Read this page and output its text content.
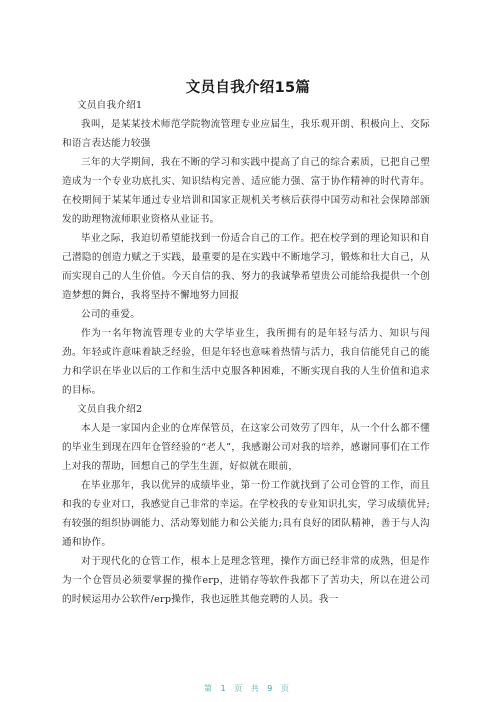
文员自我介绍15篇

文员自我介绍1

我叫，是某某技术师范学院物流管理专业应届生，我乐观开朗、积极向上、交际和语言表达能力较强

三年的大学期间，我在不断的学习和实践中提高了自己的综合素质，已把自己塑造成为一个专业功底扎实、知识结构完善、适应能力强、富于协作精神的时代青年。在校期间于某某年通过专业培训和国家正规机关考核后获得中国劳动和社会保障部颁发的助理物流师职业资格从业证书。

毕业之际，我迫切希望能找到一份适合自己的工作。把在校学到的理论知识和自己潜隐的创造力赋之于实践，最重要的是在实践中不断地学习，锻炼和壮大自己，从而实现自己的人生价值。今天自信的我、努力的我诚挚希望贵公司能给我提供一个创造梦想的舞台，我将坚持不懈地努力回报

公司的垂爱。

作为一名年物流管理专业的大学毕业生，我所拥有的是年轻与活力、知识与闯劲。年轻或许意味着缺乏经验，但是年轻也意味着热情与活力，我自信能凭自己的能力和学识在毕业以后的工作和生活中克服各种困难，不断实现自我的人生价值和追求的目标。

文员自我介绍2

本人是一家国内企业的仓库保管员，在这家公司效劳了四年，从一个什么都不懂的毕业生到现在四年仓管经验的“老人”，我感谢公司对我的培养，感谢同事们在工作上对我的帮助，回想自己的学生生涯，好似就在眼前，

在毕业那年，我以优异的成绩毕业，第一份工作就找到了公司仓管的工作，而且和我的专业对口，我感觉自己非常的幸运。在学校我的专业知识扎实，学习成绩优异;有较强的组织协调能力、活动筹划能力和公关能力;具有良好的团队精神，善于与人沟通和协作。

对于现代化的仓管工作，根本上是理念管理，操作方面已经非常的成熟，但是作为一个仓管员必须要掌握的操作erp，进销存等软件我都下了苦功夫，所以在进公司的时候运用办公软件/erp操作，我也远胜其他竞聘的人员。我一

第 1 页 共 9 页
